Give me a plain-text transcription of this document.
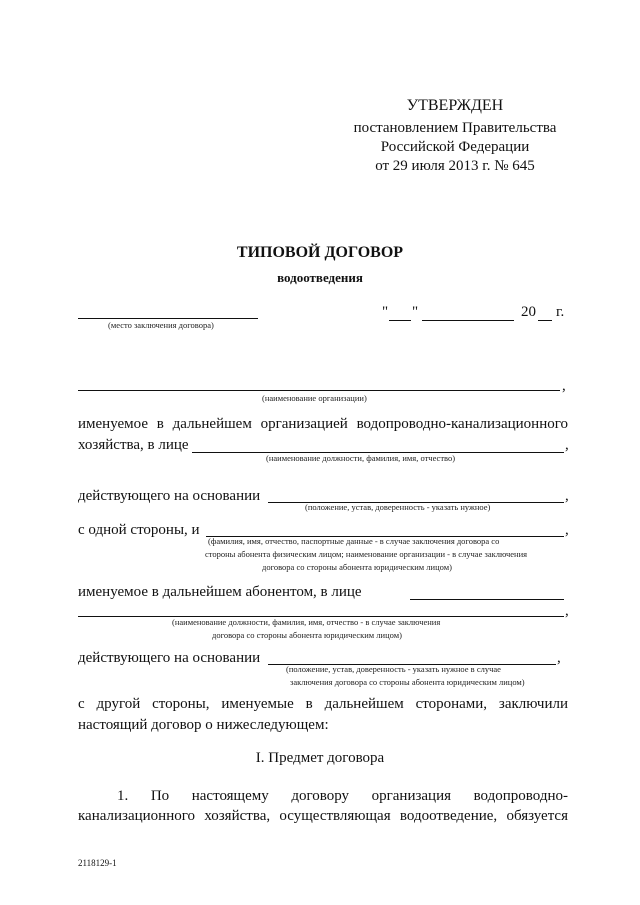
УТВЕРЖДЕН
постановлением Правительства
Российской Федерации
от 29 июля 2013 г. № 645
ТИПОВОЙ ДОГОВОР
водоотведения
(место заключения договора)
" "	20 г.
,
(наименование организации)
именуемое в дальнейшем организацией водопроводно-канализационного
хозяйства, в лице	,
(наименование должности, фамилия, имя, отчество)
действующего на основании	,
(положение, устав, доверенность - указать нужное)
с одной стороны, и	,
(фамилия, имя, отчество, паспортные данные - в случае заключения договора со
стороны абонента физическим лицом; наименование организации - в случае заключения
договора со стороны абонента юридическим лицом)
именуемое в дальнейшем абонентом, в лице
,
(наименование должности, фамилия, имя, отчество - в случае заключения
договора со стороны абонента юридическим лицом)
действующего на основании	,
(положение, устав, доверенность - указать нужное в случае
заключения договора со стороны абонента юридическим лицом)
с другой стороны, именуемые в дальнейшем сторонами, заключили
настоящий договор о нижеследующем:
I. Предмет договора
1. По настоящему договору организация водопроводно-
канализационного хозяйства, осуществляющая водоотведение, обязуется
2118129-1
